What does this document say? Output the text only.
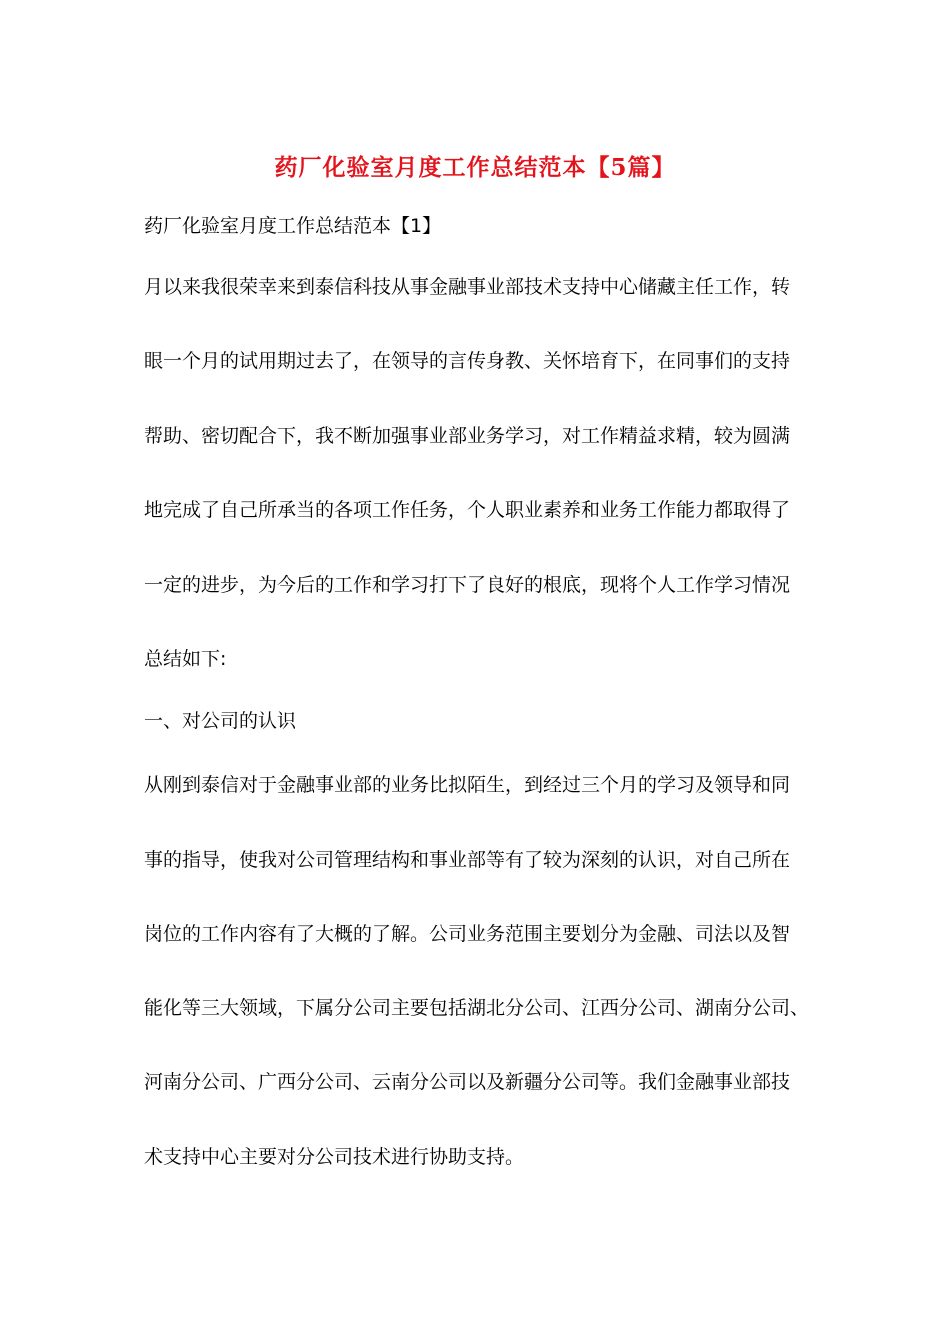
药厂化验室月度工作总结范本【5篇】
药厂化验室月度工作总结范本【1】
月以来我很荣幸来到泰信科技从事金融事业部技术支持中心储藏主任工作，转
眼一个月的试用期过去了，在领导的言传身教、关怀培育下，在同事们的支持
帮助、密切配合下，我不断加强事业部业务学习，对工作精益求精，较为圆满
地完成了自己所承当的各项工作任务，个人职业素养和业务工作能力都取得了
一定的进步，为今后的工作和学习打下了良好的根底，现将个人工作学习情况
总结如下:
一、对公司的认识
从刚到泰信对于金融事业部的业务比拟陌生，到经过三个月的学习及领导和同
事的指导，使我对公司管理结构和事业部等有了较为深刻的认识，对自己所在
岗位的工作内容有了大概的了解。公司业务范围主要划分为金融、司法以及智
能化等三大领域，下属分公司主要包括湖北分公司、江西分公司、湖南分公司、
河南分公司、广西分公司、云南分公司以及新疆分公司等。我们金融事业部技
术支持中心主要对分公司技术进行协助支持。
